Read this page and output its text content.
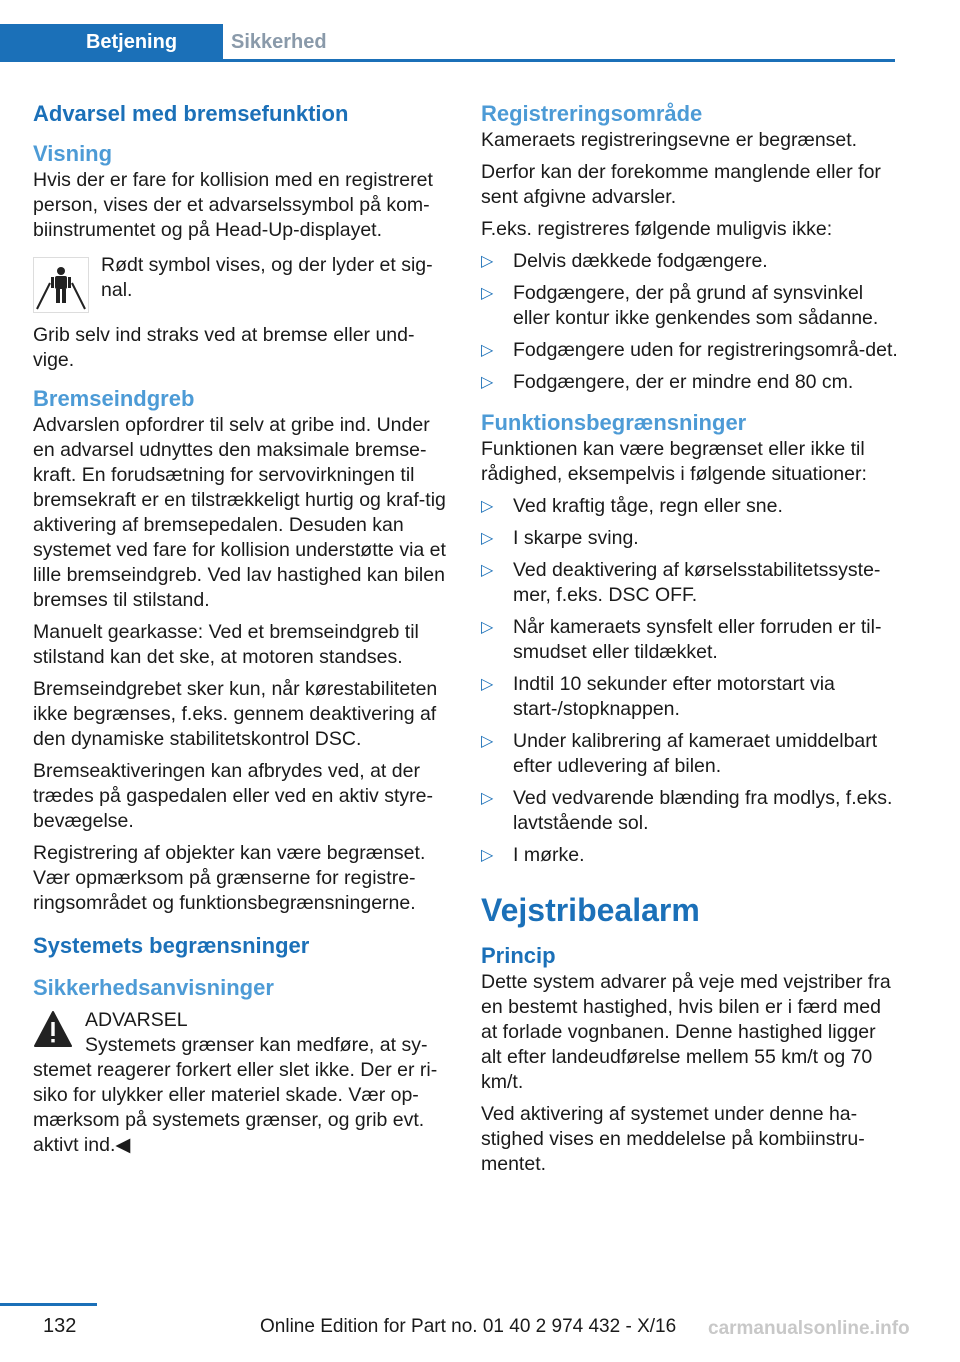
Betjening	Sikkerhed
Advarsel med bremsefunktion
Visning

Hvis der er fare for kollision med en registreret person, vises der et advarselssymbol på kom-biinstrumentet og på Head-Up-displayet.

Rødt symbol vises, og der lyder et sig-nal.

Grib selv ind straks ved at bremse eller und-vige.

Bremseindgreb

Advarslen opfordrer til selv at gribe ind. Under en advarsel udnyttes den maksimale bremse-kraft. En forudsætning for servovirkningen til bremsekraft er en tilstrækkeligt hurtig og kraf-tig aktivering af bremsepedalen. Desuden kan systemet ved fare for kollision understøtte via et lille bremseindgreb. Ved lav hastighed kan bilen bremses til stilstand.

Manuelt gearkasse: Ved et bremseindgreb til stilstand kan det ske, at motoren standses.

Bremseindgrebet sker kun, når kørestabiliteten ikke begrænses, f.eks. gennem deaktivering af den dynamiske stabilitetskontrol DSC.

Bremseaktiveringen kan afbrydes ved, at der trædes på gaspedalen eller ved en aktiv styre-bevægelse.

Registrering af objekter kan være begrænset. Vær opmærksom på grænserne for registre-ringsområdet og funktionsbegrænsningerne.

Systemets begrænsninger
Sikkerhedsanvisninger
ADVARSEL
Systemets grænser kan medføre, at sy-
stemet reagerer forkert eller slet ikke. Der er ri-siko for ulykker eller materiel skade. Vær op-mærksom på systemets grænser, og grib evt. aktivt ind.◀
Registreringsområde

Kameraets registreringsevne er begrænset.

Derfor kan der forekomme manglende eller for sent afgivne advarsler.

F.eks. registreres følgende muligvis ikke:

▷ Delvis dækkede fodgængere.
▷ Fodgængere, der på grund af synsvinkel eller kontur ikke genkendes som sådanne.
▷ Fodgængere uden for registreringsområ-det.
▷ Fodgængere, der er mindre end 80 cm.
Funktionsbegrænsninger

Funktionen kan være begrænset eller ikke til rådighed, eksempelvis i følgende situationer:

▷ Ved kraftig tåge, regn eller sne.
▷ I skarpe sving.
▷ Ved deaktivering af kørselsstabilitetssyste-mer, f.eks. DSC OFF.
▷ Når kameraets synsfelt eller forruden er til-smudset eller tildækket.
▷ Indtil 10 sekunder efter motorstart via start-/stopknappen.
▷ Under kalibrering af kameraet umiddelbart efter udlevering af bilen.
▷ Ved vedvarende blænding fra modlys, f.eks. lavtstående sol.
▷ I mørke.
Vejstribealarm
Princip

Dette system advarer på veje med vejstriber fra en bestemt hastighed, hvis bilen er i færd med at forlade vognbanen. Denne hastighed ligger alt efter landeudførelse mellem 55 km/t og 70 km/t.

Ved aktivering af systemet under denne ha-stighed vises en meddelelse på kombiinstru-mentet.

132	Online Edition for Part no. 01 40 2 974 432 - X/16 carmanualsonline.info
